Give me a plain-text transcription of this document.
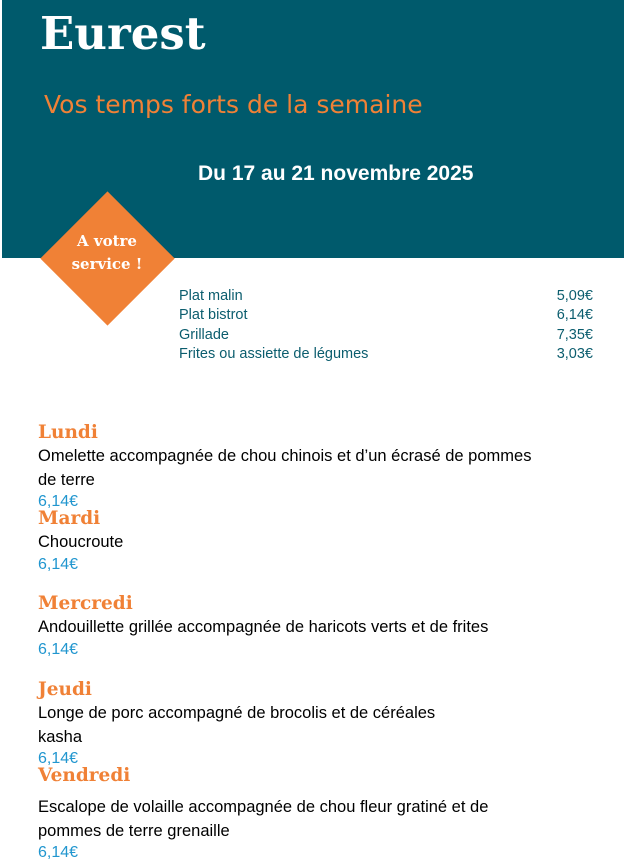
Eurest
Vos temps forts de la semaine
Du 17 au 21 novembre 2025
A votre
service !
Plat malin	5,09€
Plat bistrot	6,14€
Grillade	7,35€
Frites ou assiette de légumes	3,03€
Lundi
Omelette accompagnée de chou chinois et d’un écrasé de pommes
de terre
6,14€
Mardi
Choucroute
6,14€
Mercredi
Andouillette grillée accompagnée de haricots verts et de frites
6,14€
Jeudi
Longe de porc accompagné de brocolis et de céréales
kasha
6,14€
Vendredi
Escalope de volaille accompagnée de chou fleur gratiné et de
pommes de terre grenaille
6,14€
